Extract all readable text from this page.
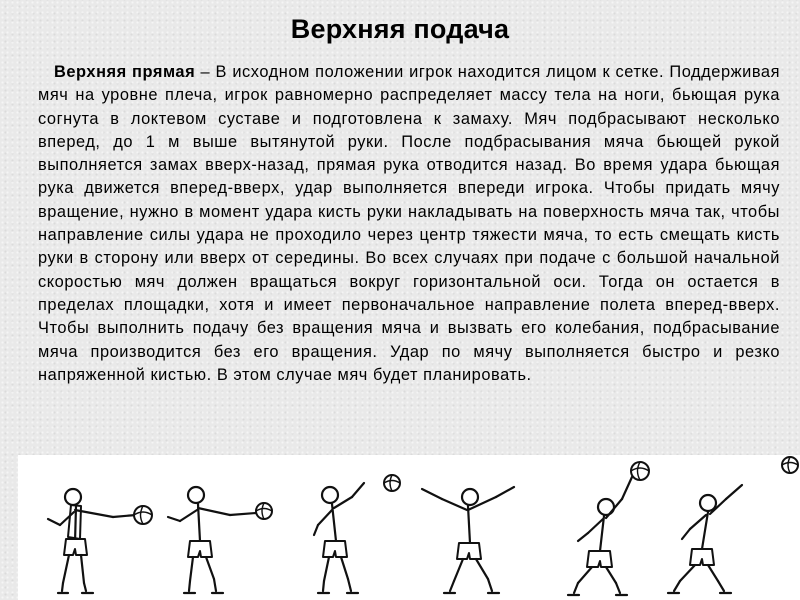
Верхняя подача

Верхняя прямая – В исходном положении игрок находится лицом к сетке. Поддерживая мяч на уровне плеча, игрок равномерно распределяет массу тела на ноги, бьющая рука согнута в локтевом суставе и подготовлена к замаху. Мяч подбрасывают несколько вперед, до 1 м выше вытянутой руки. После подбрасывания мяча бьющей рукой выполняется замах вверх-назад, прямая рука отводится назад. Во время удара бьющая рука движется вперед-вверх, удар выполняется впереди игрока. Чтобы придать мячу вращение, нужно в момент удара кисть руки накладывать на поверхность мяча так, чтобы направление силы удара не проходило через центр тяжести мяча, то есть смещать кисть руки в сторону или вверх от середины. Во всех случаях при подаче с большой начальной скоростью мяч должен вращаться вокруг горизонтальной оси. Тогда он остается в пределах площадки, хотя и имеет первоначальное направление полета вперед-вверх. Чтобы выполнить подачу без вращения мяча и вызвать его колебания, подбрасывание мяча производится без его вращения. Удар по мячу выполняется быстро и резко напряженной кистью. В этом случае мяч будет планировать.
